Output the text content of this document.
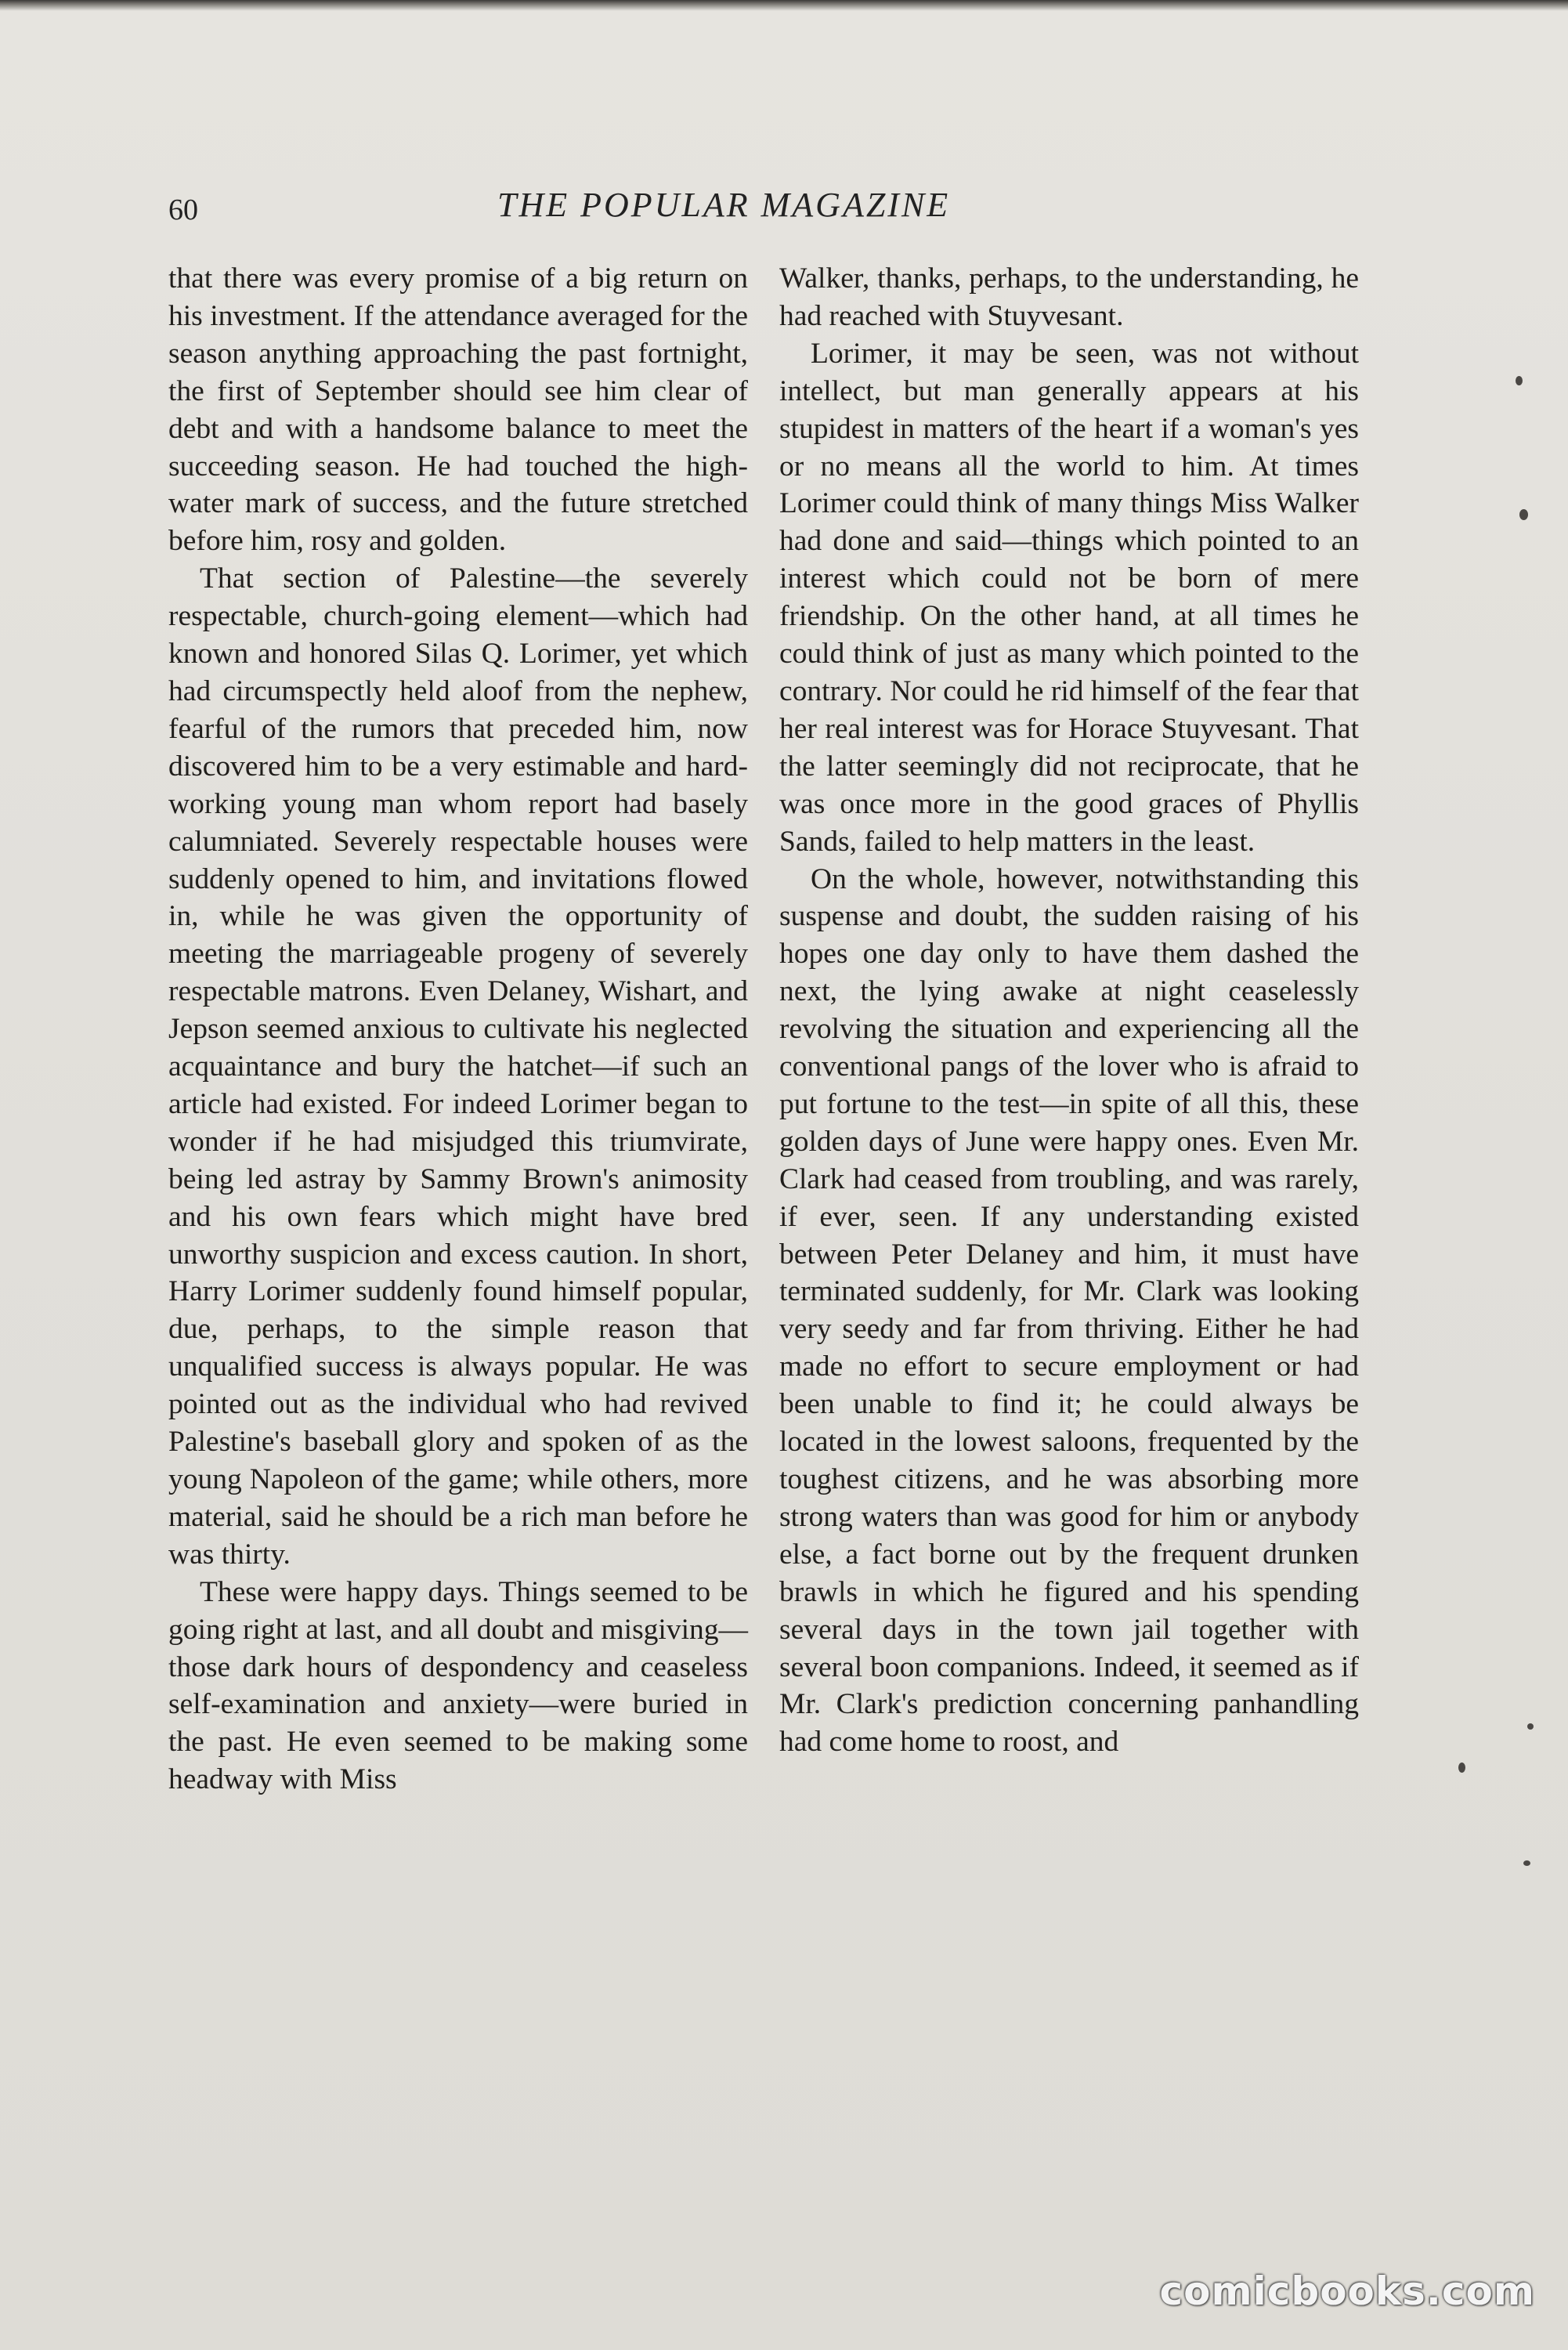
60	THE POPULAR MAGAZINE

that there was every promise of a big return on his investment. If the attendance averaged for the season anything approaching the past fortnight, the first of September should see him clear of debt and with a handsome balance to meet the succeeding season. He had touched the high-water mark of success, and the future stretched before him, rosy and golden.

That section of Palestine—the severely respectable, church-going element—which had known and honored Silas Q. Lorimer, yet which had circumspectly held aloof from the nephew, fearful of the rumors that preceded him, now discovered him to be a very estimable and hard-working young man whom report had basely calumniated. Severely respectable houses were suddenly opened to him, and invitations flowed in, while he was given the opportunity of meeting the marriageable progeny of severely respectable matrons. Even Delaney, Wishart, and Jepson seemed anxious to cultivate his neglected acquaintance and bury the hatchet—if such an article had existed. For indeed Lorimer began to wonder if he had misjudged this triumvirate, being led astray by Sammy Brown's animosity and his own fears which might have bred unworthy suspicion and excess caution. In short, Harry Lorimer suddenly found himself popular, due, perhaps, to the simple reason that unqualified success is always popular. He was pointed out as the individual who had revived Palestine's baseball glory and spoken of as the young Napoleon of the game; while others, more material, said he should be a rich man before he was thirty.

These were happy days. Things seemed to be going right at last, and all doubt and misgiving—those dark hours of despondency and ceaseless self-examination and anxiety—were buried in the past. He even seemed to be making some headway with Miss

Walker, thanks, perhaps, to the understanding, he had reached with Stuyvesant.

Lorimer, it may be seen, was not without intellect, but man generally appears at his stupidest in matters of the heart if a woman's yes or no means all the world to him. At times Lorimer could think of many things Miss Walker had done and said—things which pointed to an interest which could not be born of mere friendship. On the other hand, at all times he could think of just as many which pointed to the contrary. Nor could he rid himself of the fear that her real interest was for Horace Stuyvesant. That the latter seemingly did not reciprocate, that he was once more in the good graces of Phyllis Sands, failed to help matters in the least.

On the whole, however, notwithstanding this suspense and doubt, the sudden raising of his hopes one day only to have them dashed the next, the lying awake at night ceaselessly revolving the situation and experiencing all the conventional pangs of the lover who is afraid to put fortune to the test—in spite of all this, these golden days of June were happy ones. Even Mr. Clark had ceased from troubling, and was rarely, if ever, seen. If any understanding existed between Peter Delaney and him, it must have terminated suddenly, for Mr. Clark was looking very seedy and far from thriving. Either he had made no effort to secure employment or had been unable to find it; he could always be located in the lowest saloons, frequented by the toughest citizens, and he was absorbing more strong waters than was good for him or anybody else, a fact borne out by the frequent drunken brawls in which he figured and his spending several days in the town jail together with several boon companions. Indeed, it seemed as if Mr. Clark's prediction concerning panhandling had come home to roost, and

comicbooks.com
